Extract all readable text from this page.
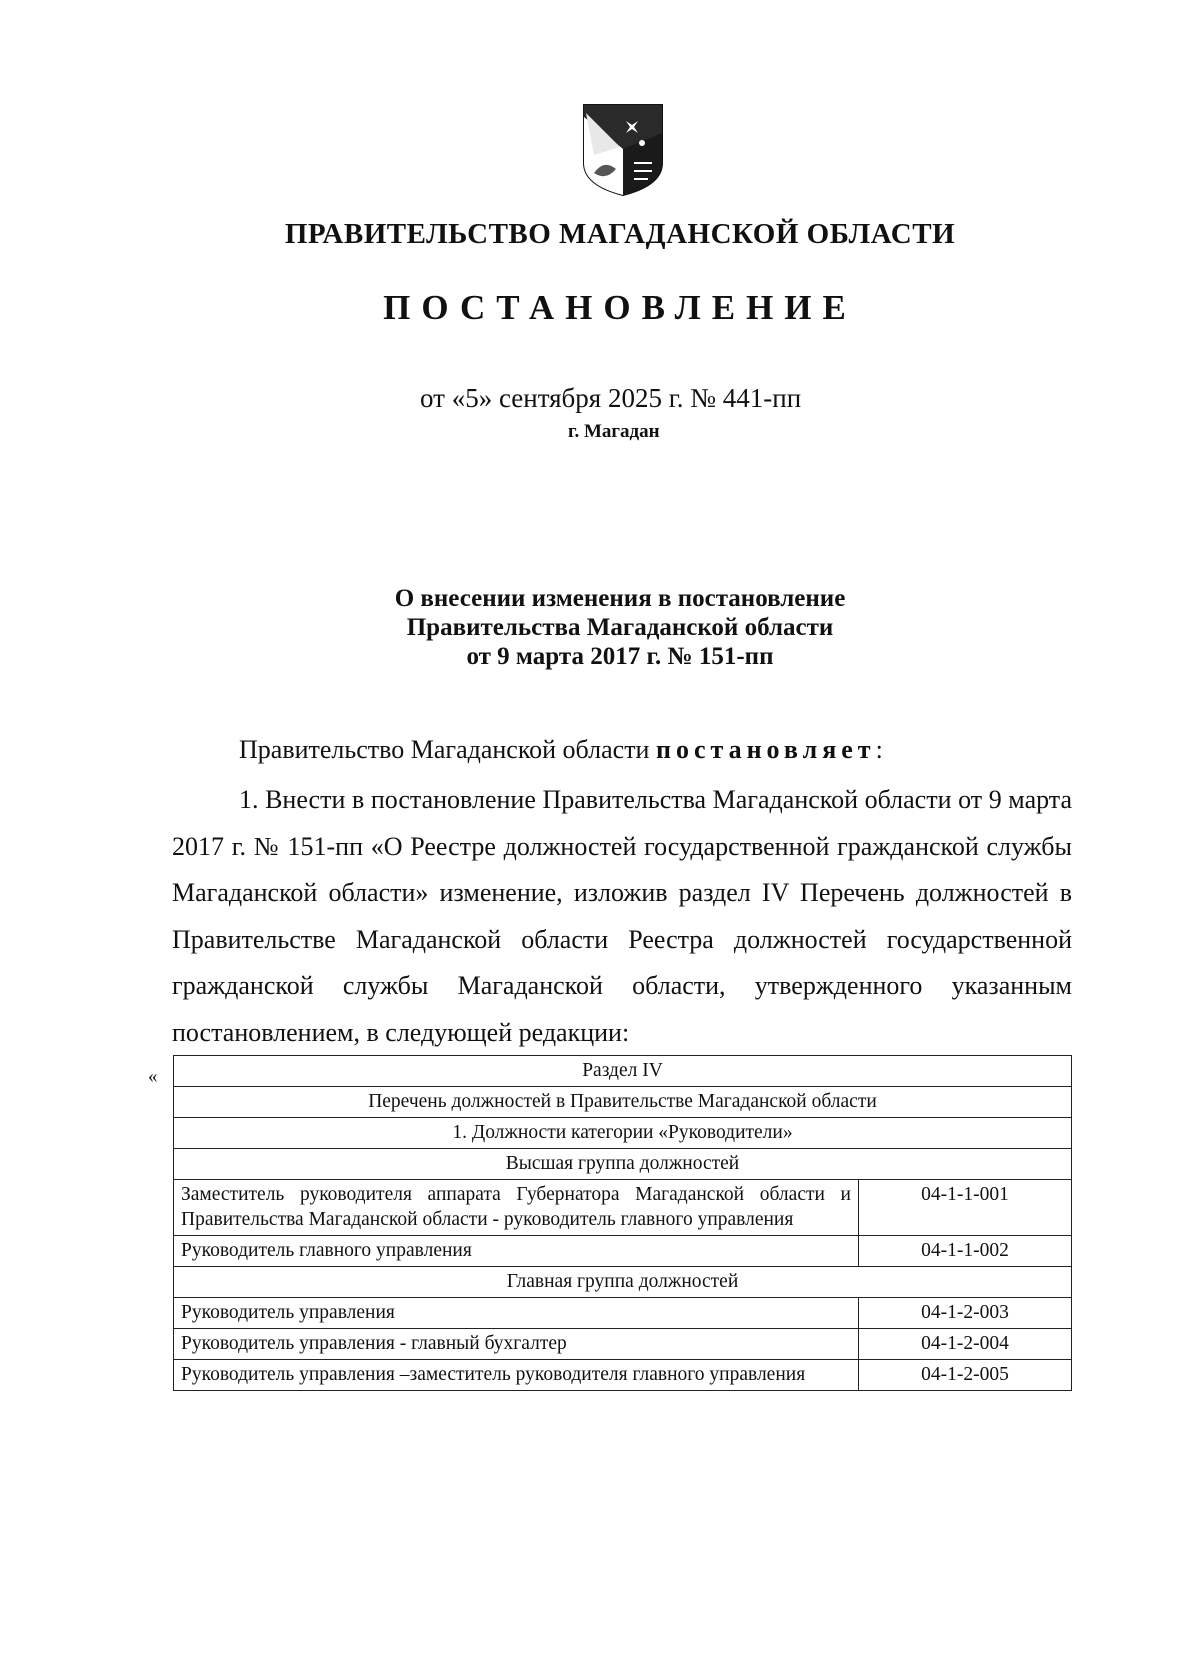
ПРАВИТЕЛЬСТВО МАГАДАНСКОЙ ОБЛАСТИ
ПОСТАНОВЛЕНИЕ
от «5» сентября 2025 г. № 441-пп
г. Магадан
О внесении изменения в постановление
Правительства Магаданской области
от 9 марта 2017 г. № 151-пп
Правительство Магаданской области постановляет:
1. Внести в постановление Правительства Магаданской области от 9 марта 2017 г. № 151-пп «О Реестре должностей государственной гражданской службы Магаданской области» изменение, изложив раздел IV Перечень должностей в Правительстве Магаданской области Реестра должностей государственной гражданской службы Магаданской области, утвержденного указанным постановлением, в следующей редакции:
«	Раздел IV	
Перечень должностей в Правительстве Магаданской области	
1. Должности категории «Руководители»	
Высшая группа должностей	
Заместитель руководителя аппарата Губернатора Магаданской области и Правительства Магаданской области - руководитель главного управления	04-1-1-001
Руководитель главного управления	04-1-1-002
Главная группа должностей	
Руководитель управления	04-1-2-003
Руководитель управления - главный бухгалтер	04-1-2-004
Руководитель управления –заместитель руководителя главного управления	04-1-2-005
